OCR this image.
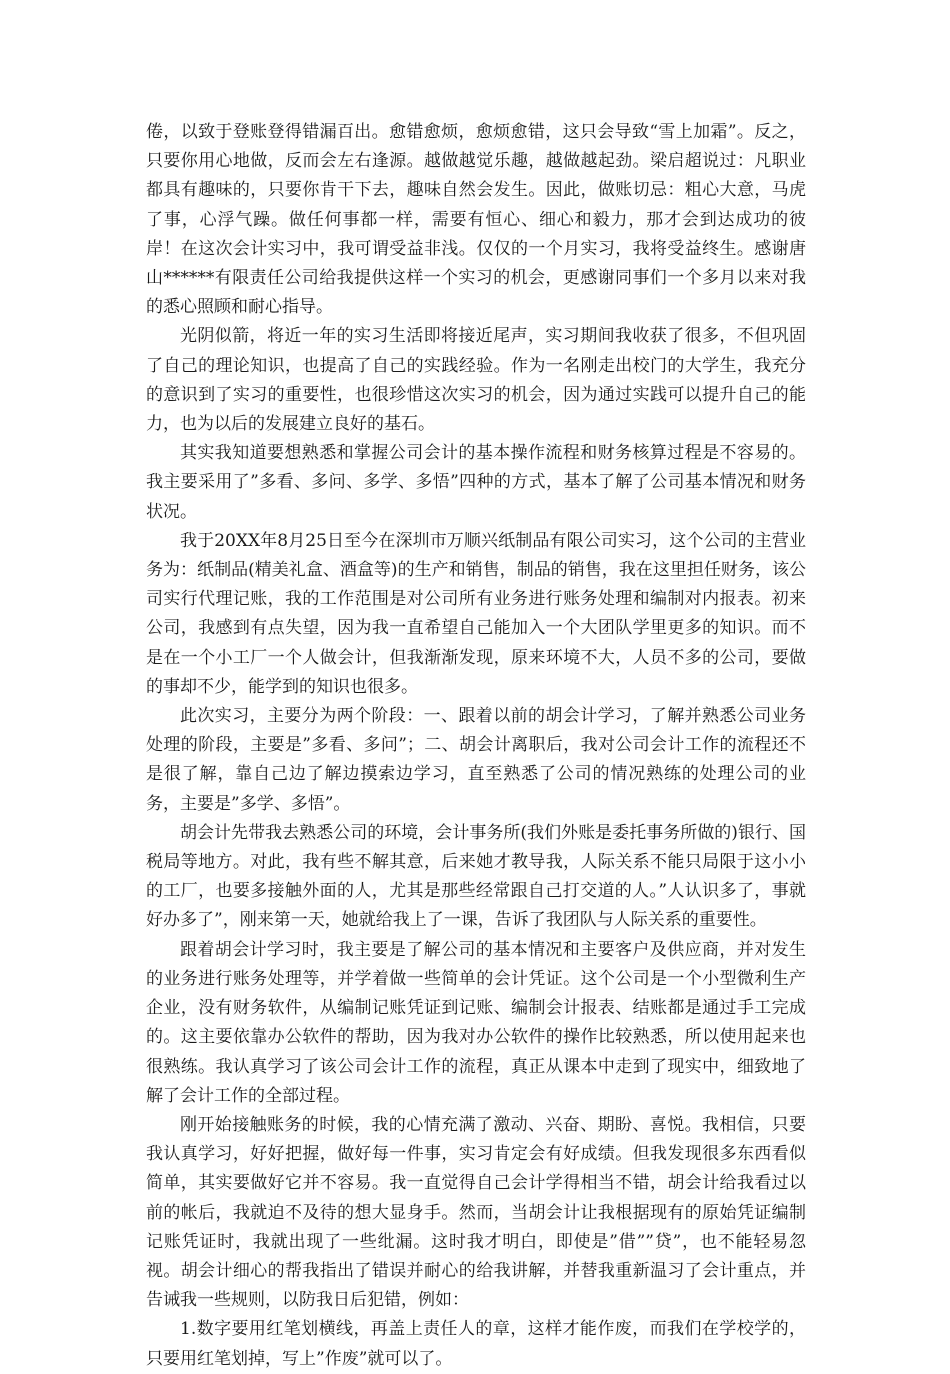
倦，以致于登账登得错漏百出。愈错愈烦，愈烦愈错，这只会导致“雪上加霜”。反之，只要你用心地做，反而会左右逢源。越做越觉乐趣，越做越起劲。梁启超说过：凡职业都具有趣味的，只要你肯干下去，趣味自然会发生。因此，做账切忌：粗心大意，马虎了事，心浮气躁。做任何事都一样，需要有恒心、细心和毅力，那才会到达成功的彼岸！在这次会计实习中，我可谓受益非浅。仅仅的一个月实习，我将受益终生。感谢唐山******有限责任公司给我提供这样一个实习的机会，更感谢同事们一个多月以来对我的悉心照顾和耐心指导。

光阴似箭，将近一年的实习生活即将接近尾声，实习期间我收获了很多，不但巩固了自己的理论知识，也提高了自己的实践经验。作为一名刚走出校门的大学生，我充分的意识到了实习的重要性，也很珍惜这次实习的机会，因为通过实践可以提升自己的能力，也为以后的发展建立良好的基石。

其实我知道要想熟悉和掌握公司会计的基本操作流程和财务核算过程是不容易的。我主要采用了”多看、多问、多学、多悟”四种的方式，基本了解了公司基本情况和财务状况。

我于20XX年8月25日至今在深圳市万顺兴纸制品有限公司实习，这个公司的主营业务为：纸制品(精美礼盒、酒盒等)的生产和销售，制品的销售，我在这里担任财务，该公司实行代理记账，我的工作范围是对公司所有业务进行账务处理和编制对内报表。初来公司，我感到有点失望，因为我一直希望自己能加入一个大团队学里更多的知识。而不是在一个小工厂一个人做会计，但我渐渐发现，原来环境不大，人员不多的公司，要做的事却不少，能学到的知识也很多。

此次实习，主要分为两个阶段：一、跟着以前的胡会计学习，了解并熟悉公司业务处理的阶段，主要是”多看、多问”；二、胡会计离职后，我对公司会计工作的流程还不是很了解，靠自己边了解边摸索边学习，直至熟悉了公司的情况熟练的处理公司的业务，主要是”多学、多悟”。

胡会计先带我去熟悉公司的环境，会计事务所(我们外账是委托事务所做的)银行、国税局等地方。对此，我有些不解其意，后来她才教导我，人际关系不能只局限于这小小的工厂，也要多接触外面的人，尤其是那些经常跟自己打交道的人。”人认识多了，事就好办多了”，刚来第一天，她就给我上了一课，告诉了我团队与人际关系的重要性。

跟着胡会计学习时，我主要是了解公司的基本情况和主要客户及供应商，并对发生的业务进行账务处理等，并学着做一些简单的会计凭证。这个公司是一个小型微利生产企业，没有财务软件，从编制记账凭证到记账、编制会计报表、结账都是通过手工完成的。这主要依靠办公软件的帮助，因为我对办公软件的操作比较熟悉，所以使用起来也很熟练。我认真学习了该公司会计工作的流程，真正从课本中走到了现实中，细致地了解了会计工作的全部过程。

刚开始接触账务的时候，我的心情充满了激动、兴奋、期盼、喜悦。我相信，只要我认真学习，好好把握，做好每一件事，实习肯定会有好成绩。但我发现很多东西看似简单，其实要做好它并不容易。我一直觉得自己会计学得相当不错，胡会计给我看过以前的帐后，我就迫不及待的想大显身手。然而，当胡会计让我根据现有的原始凭证编制记账凭证时，我就出现了一些纰漏。这时我才明白，即使是”借””贷”，也不能轻易忽视。胡会计细心的帮我指出了错误并耐心的给我讲解，并替我重新温习了会计重点，并告诫我一些规则，以防我日后犯错，例如：

1.数字要用红笔划横线，再盖上责任人的章，这样才能作废，而我们在学校学的，只要用红笔划掉，写上”作废”就可以了。
